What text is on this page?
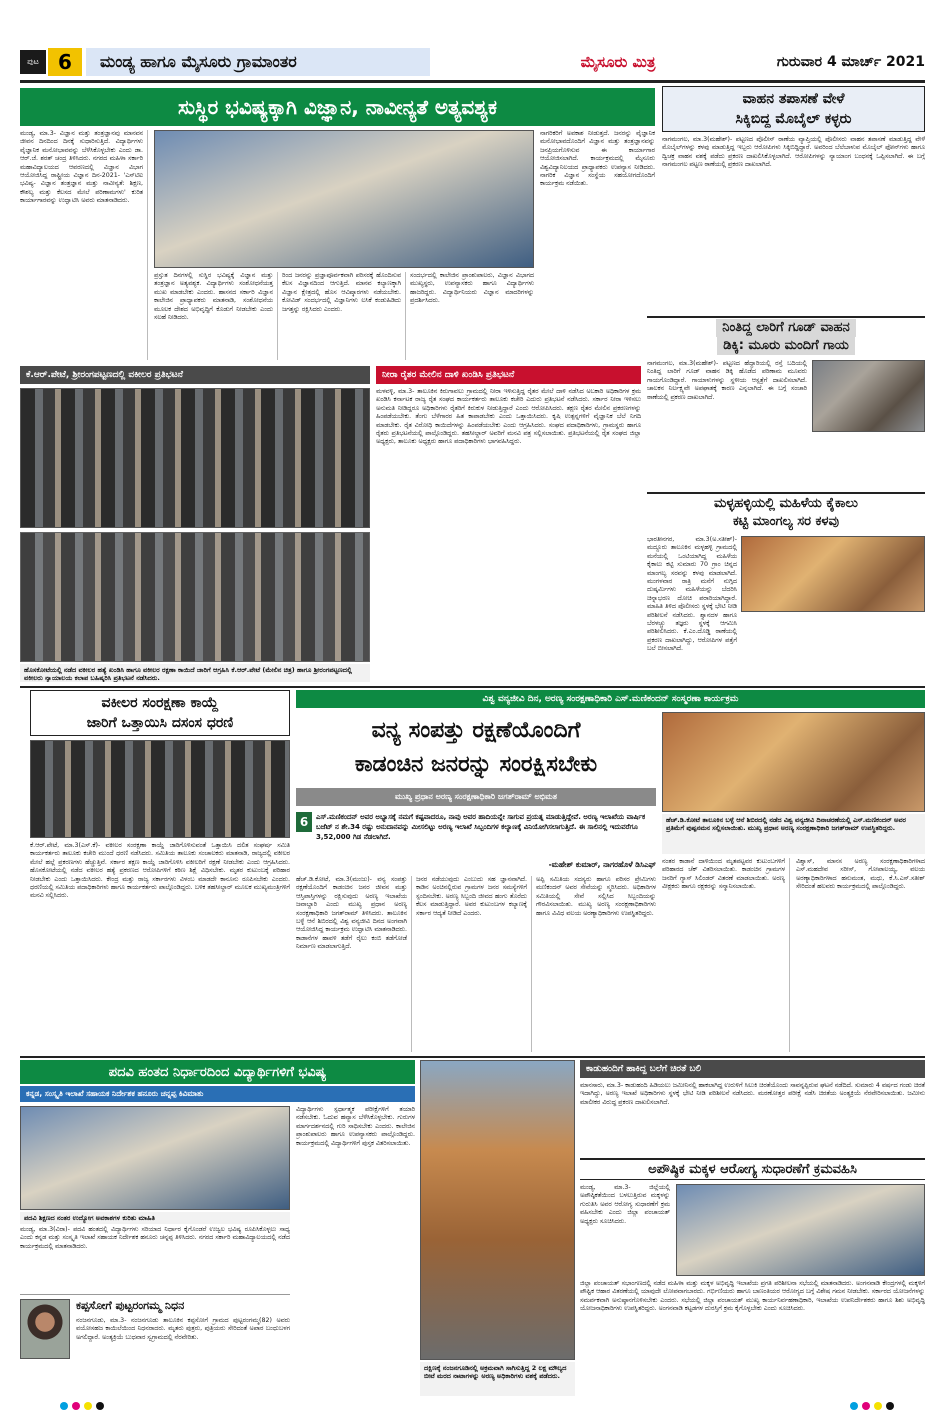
ಪುಟ 6	ಮಂಡ್ಯ ಹಾಗೂ ಮೈಸೂರು ಗ್ರಾಮಾಂತರ	ಮೈಸೂರು ಮಿತ್ರ	ಗುರುವಾರ 4 ಮಾರ್ಚ್ 2021
ಸುಸ್ಥಿರ ಭವಿಷ್ಯಕ್ಕಾಗಿ ವಿಜ್ಞಾನ, ನಾವೀನ್ಯತೆ ಅತ್ಯವಶ್ಯಕ
ಮಂಡ್ಯ, ಮಾ.3- ವಿಜ್ಞಾನ ಮತ್ತು ತಂತ್ರಜ್ಞಾನವು ಮಾನವನ ಜೀವನ ದಿನದಿಂದ ದಿನಕ್ಕೆ ಸುಧಾರಿಸುತ್ತಿದೆ. ವಿದ್ಯಾರ್ಥಿಗಳು ವೈಜ್ಞಾನಿಕ ಮನೋಭಾವವನ್ನು ಬೆಳೆಸಿಕೊಳ್ಳಬೇಕು ಎಂದು ಡಾ. ಆರ್.ಜೆ. ಶರತ್ ಚಂದ್ರ ತಿಳಿಸಿದರು. ನಗರದ ಮಹಿಳಾ ಸರ್ಕಾರಿ ಮಹಾವಿದ್ಯಾಲಯದ ಆವರಣದಲ್ಲಿ ವಿಜ್ಞಾನ ವಿಭಾಗ ಆಯೋಜಿಸಿದ್ದ ರಾಷ್ಟ್ರೀಯ ವಿಜ್ಞಾನ ದಿನ-2021- 'ಎಸ್‌ಟಿಐ ಭವಿಷ್ಯ- ವಿಜ್ಞಾನ ತಂತ್ರಜ್ಞಾನ ಮತ್ತು ನಾವೀನ್ಯತೆ: ಶಿಕ್ಷಣ, ಕೌಶಲ್ಯ ಮತ್ತು ಕೆಲಸದ ಮೇಲೆ ಪರಿಣಾಮಗಳು' ಕುರಿತ ಕಾರ್ಯಾಗಾರವನ್ನು ಉದ್ಘಾಟಿಸಿ ಅವರು ಮಾತನಾಡಿದರು.
ಪ್ರಸ್ತುತ ದಿನಗಳಲ್ಲಿ ಸುಸ್ಥಿರ ಭವಿಷ್ಯಕ್ಕೆ ವಿಜ್ಞಾನ ಮತ್ತು ತಂತ್ರಜ್ಞಾನ ಅತ್ಯವಶ್ಯಕ. ವಿದ್ಯಾರ್ಥಿಗಳು ಸಂಶೋಧನೆಯತ್ತ ಮುಖ ಮಾಡಬೇಕು ಎಂದರು. ಹಾಸನದ ಸರ್ಕಾರಿ ವಿಜ್ಞಾನ ಕಾಲೇಜಿನ ಪ್ರಾಧ್ಯಾಪಕರು ಮಾತನಾಡಿ, ಸಂಶೋಧನೆಯ ಮೂಲಕ ದೇಶದ ಅಭಿವೃದ್ಧಿಗೆ ಕೊಡುಗೆ ನೀಡಬೇಕು ಎಂದು ಸಲಹೆ ನೀಡಿದರು.
ರಿಂದ ಜನರನ್ನು ಪ್ರಜ್ಞಾಪೂರ್ವಕವಾಗಿ ಪರಿಸರಕ್ಕೆ ಹೊಂದಿಸುವ ಕೆಲಸ ವಿಜ್ಞಾನದಿಂದ ಆಗುತ್ತಿದೆ. ಮಾನವ ಕಲ್ಯಾಣಕ್ಕಾಗಿ ವಿಜ್ಞಾನ ಕ್ಷೇತ್ರದಲ್ಲಿ ಹೊಸ ಆವಿಷ್ಕಾರಗಳು ನಡೆಯಬೇಕು. ಕೋವಿಡ್ ಸಂದರ್ಭದಲ್ಲಿ ವಿಜ್ಞಾನಿಗಳು ಲಸಿಕೆ ಕಂಡುಹಿಡಿದು ಜಗತ್ತನ್ನು ರಕ್ಷಿಸಿದರು ಎಂದರು.
ಸಂದರ್ಭದಲ್ಲಿ ಕಾಲೇಜಿನ ಪ್ರಾಂಶುಪಾಲರು, ವಿಜ್ಞಾನ ವಿಭಾಗದ ಮುಖ್ಯಸ್ಥರು, ಉಪನ್ಯಾಸಕರು ಹಾಗೂ ವಿದ್ಯಾರ್ಥಿಗಳು ಹಾಜರಿದ್ದರು. ವಿದ್ಯಾರ್ಥಿನಿಯರು ವಿಜ್ಞಾನ ಮಾದರಿಗಳನ್ನು ಪ್ರದರ್ಶಿಸಿದರು.
ನಾಗರಿಕರಿಗೆ ಅವಕಾಶ ನೀಡುತ್ತದೆ. ಜನರನ್ನು ವೈಜ್ಞಾನಿಕ ಮನೋಭಾವದೊಂದಿಗೆ ವಿಜ್ಞಾನ ಮತ್ತು ತಂತ್ರಜ್ಞಾನವನ್ನು ಜನಪ್ರಿಯಗೊಳಿಸುವ ಈ ಕಾರ್ಯಾಗಾರ ಆಯೋಜಿಸಲಾಗಿದೆ. ಕಾರ್ಯಕ್ರಮದಲ್ಲಿ ಮೈಸೂರು ವಿಶ್ವವಿದ್ಯಾನಿಲಯದ ಪ್ರಾಧ್ಯಾಪಕರು ಉಪನ್ಯಾಸ ನೀಡಿದರು. ನಾಗರಿಕ ವಿಜ್ಞಾನ ಸಂಸ್ಥೆಯ ಸಹಯೋಗದೊಂದಿಗೆ ಕಾರ್ಯಕ್ರಮ ನಡೆಯಿತು.
ವಾಹನ ತಪಾಸಣೆ ವೇಳೆ
ಸಿಕ್ಕಿಬಿದ್ದ ಮೊಬೈಲ್ ಕಳ್ಳರು
ನಾಗಮಂಗಲ, ಮಾ.3(ಮಹೇಶ್)- ಪಟ್ಟಣದ ಪೊಲೀಸ್ ಠಾಣೆಯ ವ್ಯಾಪ್ತಿಯಲ್ಲಿ ಪೊಲೀಸರು ವಾಹನ ತಪಾಸಣೆ ಮಾಡುತ್ತಿದ್ದ ವೇಳೆ ಮೊಬೈಲ್‌ಗಳನ್ನು ಕಳವು ಮಾಡುತ್ತಿದ್ದ ಇಬ್ಬರು ಆರೋಪಿಗಳು ಸಿಕ್ಕಿಬಿದ್ದಿದ್ದಾರೆ. ಅವರಿಂದ ಬೆಲೆಬಾಳುವ ಮೊಬೈಲ್ ಫೋನ್‌ಗಳು ಹಾಗೂ ದ್ವಿಚಕ್ರ ವಾಹನ ವಶಕ್ಕೆ ಪಡೆದು ಪ್ರಕರಣ ದಾಖಲಿಸಿಕೊಳ್ಳಲಾಗಿದೆ. ಆರೋಪಿಗಳನ್ನು ನ್ಯಾಯಾಂಗ ಬಂಧನಕ್ಕೆ ಒಪ್ಪಿಸಲಾಗಿದೆ. ಈ ಬಗ್ಗೆ ನಾಗಮಂಗಲ ಪಟ್ಟಣ ಠಾಣೆಯಲ್ಲಿ ಪ್ರಕರಣ ದಾಖಲಾಗಿದೆ.
ನಿಂತಿದ್ದ ಲಾರಿಗೆ ಗೂಡ್ ವಾಹನ
ಡಿಕ್ಕಿ: ಮೂರು ಮಂದಿಗೆ ಗಾಯ
ನಾಗಮಂಗಲ, ಮಾ.3(ಮಹೇಶ್)- ಪಟ್ಟಣದ ಹೆದ್ದಾರಿಯಲ್ಲಿ ರಸ್ತೆ ಬದಿಯಲ್ಲಿ ನಿಂತಿದ್ದ ಲಾರಿಗೆ ಗೂಡ್ ವಾಹನ ಡಿಕ್ಕಿ ಹೊಡೆದ ಪರಿಣಾಮ ಮೂವರು ಗಾಯಗೊಂಡಿದ್ದಾರೆ. ಗಾಯಾಳುಗಳನ್ನು ಸ್ಥಳೀಯ ಆಸ್ಪತ್ರೆಗೆ ದಾಖಲಿಸಲಾಗಿದೆ. ಚಾಲಕನ ನಿರ್ಲಕ್ಷ್ಯವೇ ಅಪಘಾತಕ್ಕೆ ಕಾರಣ ಎನ್ನಲಾಗಿದೆ. ಈ ಬಗ್ಗೆ ಸಂಚಾರಿ ಠಾಣೆಯಲ್ಲಿ ಪ್ರಕರಣ ದಾಖಲಾಗಿದೆ.
ಕೆ.ಆರ್.ಪೇಟೆ, ಶ್ರೀರಂಗಪಟ್ಟಣದಲ್ಲಿ ವಕೀಲರ ಪ್ರತಿಭಟನೆ
ಹೊಸಕೋಟೆಯಲ್ಲಿ ನಡೆದ ವಕೀಲರ ಹತ್ಯೆ ಖಂಡಿಸಿ ಹಾಗೂ ವಕೀಲರ ರಕ್ಷಣಾ ಕಾಯಿದೆ ಜಾರಿಗೆ ಆಗ್ರಹಿಸಿ ಕೆ.ಆರ್.ಪೇಟೆ (ಮೇಲಿನ ಚಿತ್ರ) ಹಾಗೂ ಶ್ರೀರಂಗಪಟ್ಟಣದಲ್ಲಿ ವಕೀಲರು ನ್ಯಾಯಾಲಯ ಕಲಾಪ ಬಹಿಷ್ಕರಿಸಿ ಪ್ರತಿಭಟನೆ ನಡೆಸಿದರು.
ನೀರಾ ರೈತರ ಮೇಲಿನ ದಾಳಿ ಖಂಡಿಸಿ ಪ್ರತಿಭಟನೆ
ಮಳವಳ್ಳಿ, ಮಾ.3- ತಾಲೂಕಿನ ಕಿರುಗಾವಲು ಗ್ರಾಮದಲ್ಲಿ ನೀರಾ ಇಳಿಸುತ್ತಿದ್ದ ರೈತರ ಮೇಲೆ ದಾಳಿ ನಡೆಸಿದ ಅಬಕಾರಿ ಅಧಿಕಾರಿಗಳ ಕ್ರಮ ಖಂಡಿಸಿ ಕರ್ನಾಟಕ ರಾಜ್ಯ ರೈತ ಸಂಘದ ಕಾರ್ಯಕರ್ತರು ತಾಲೂಕು ಕಚೇರಿ ಎದುರು ಪ್ರತಿಭಟನೆ ನಡೆಸಿದರು. ಸರ್ಕಾರ ನೀರಾ ಇಳಿಸಲು ಅನುಮತಿ ನೀಡಿದ್ದರೂ ಅಧಿಕಾರಿಗಳು ರೈತರಿಗೆ ಕಿರುಕುಳ ನೀಡುತ್ತಿದ್ದಾರೆ ಎಂದು ಆರೋಪಿಸಿದರು. ತಕ್ಷಣ ರೈತರ ಮೇಲಿನ ಪ್ರಕರಣಗಳನ್ನು ಹಿಂಪಡೆಯಬೇಕು. ತೆಂಗು ಬೆಳೆಗಾರರ ಹಿತ ಕಾಪಾಡಬೇಕು ಎಂದು ಒತ್ತಾಯಿಸಿದರು. ಕೃಷಿ ಉತ್ಪನ್ನಗಳಿಗೆ ವೈಜ್ಞಾನಿಕ ಬೆಲೆ ನಿಗದಿ ಮಾಡಬೇಕು. ರೈತ ವಿರೋಧಿ ಕಾಯಿದೆಗಳನ್ನು ಹಿಂಪಡೆಯಬೇಕು ಎಂದು ಆಗ್ರಹಿಸಿದರು. ಸಂಘದ ಪದಾಧಿಕಾರಿಗಳು, ಗ್ರಾಮಸ್ಥರು ಹಾಗೂ ರೈತರು ಪ್ರತಿಭಟನೆಯಲ್ಲಿ ಪಾಲ್ಗೊಂಡಿದ್ದರು. ತಹಸೀಲ್ದಾರ್ ಅವರಿಗೆ ಮನವಿ ಪತ್ರ ಸಲ್ಲಿಸಲಾಯಿತು. ಪ್ರತಿಭಟನೆಯಲ್ಲಿ ರೈತ ಸಂಘದ ಜಿಲ್ಲಾ ಅಧ್ಯಕ್ಷರು, ತಾಲೂಕು ಅಧ್ಯಕ್ಷರು ಹಾಗೂ ಪದಾಧಿಕಾರಿಗಳು ಭಾಗವಹಿಸಿದ್ದರು.
ಮಳ್ಳಹಳ್ಳಿಯಲ್ಲಿ ಮಹಿಳೆಯ ಕೈಕಾಲು
ಕಟ್ಟಿ ಮಾಂಗಲ್ಯ ಸರ ಕಳವು
ಭಾರತೀನಗರ, ಮಾ.3(ಅ.ಸತೀಶ್)- ಮದ್ದೂರು ತಾಲೂಕಿನ ಮಳ್ಳಹಳ್ಳಿ ಗ್ರಾಮದಲ್ಲಿ ಮನೆಯಲ್ಲಿ ಒಂಟಿಯಾಗಿದ್ದ ಮಹಿಳೆಯ ಕೈಕಾಲು ಕಟ್ಟಿ ಸುಮಾರು 70 ಗ್ರಾಂ ಚಿನ್ನದ ಮಾಂಗಲ್ಯ ಸರವನ್ನು ಕಳವು ಮಾಡಲಾಗಿದೆ. ಮಂಗಳವಾರ ರಾತ್ರಿ ಮನೆಗೆ ನುಗ್ಗಿದ ದುಷ್ಕರ್ಮಿಗಳು ಮಹಿಳೆಯನ್ನು ಬೆದರಿಸಿ ಚಿನ್ನಾಭರಣ ದೋಚಿ ಪರಾರಿಯಾಗಿದ್ದಾರೆ. ಮಾಹಿತಿ ತಿಳಿದ ಪೊಲೀಸರು ಸ್ಥಳಕ್ಕೆ ಭೇಟಿ ನೀಡಿ ಪರಿಶೀಲನೆ ನಡೆಸಿದರು. ಶ್ವಾನದಳ ಹಾಗೂ ಬೆರಳಚ್ಚು ತಜ್ಞರು ಸ್ಥಳಕ್ಕೆ ಆಗಮಿಸಿ ಪರಿಶೀಲಿಸಿದರು. ಕೆ.ಎಂ.ದೊಡ್ಡಿ ಠಾಣೆಯಲ್ಲಿ ಪ್ರಕರಣ ದಾಖಲಾಗಿದ್ದು, ಆರೋಪಿಗಳ ಪತ್ತೆಗೆ ಬಲೆ ಬೀಸಲಾಗಿದೆ.
ವಕೀಲರ ಸಂರಕ್ಷಣಾ ಕಾಯ್ದೆ
ಜಾರಿಗೆ ಒತ್ತಾಯಿಸಿ ದಸಂಸ ಧರಣಿ
ಕೆ.ಆರ್.ಪೇಟೆ, ಮಾ.3(ಎಸ್.ಕೆ)- ವಕೀಲರ ಸಂರಕ್ಷಣಾ ಕಾಯ್ದೆ ಜಾರಿಗೊಳಿಸುವಂತೆ ಒತ್ತಾಯಿಸಿ ದಲಿತ ಸಂಘರ್ಷ ಸಮಿತಿ ಕಾರ್ಯಕರ್ತರು ತಾಲೂಕು ಕಚೇರಿ ಮುಂದೆ ಧರಣಿ ನಡೆಸಿದರು. ಸಮಿತಿಯ ತಾಲೂಕು ಸಂಚಾಲಕರು ಮಾತನಾಡಿ, ರಾಜ್ಯದಲ್ಲಿ ವಕೀಲರ ಮೇಲೆ ಹಲ್ಲೆ ಪ್ರಕರಣಗಳು ಹೆಚ್ಚುತ್ತಿವೆ. ಸರ್ಕಾರ ತಕ್ಷಣ ಕಾಯ್ದೆ ಜಾರಿಗೊಳಿಸಿ ವಕೀಲರಿಗೆ ರಕ್ಷಣೆ ನೀಡಬೇಕು ಎಂದು ಆಗ್ರಹಿಸಿದರು. ಹೊಸಕೋಟೆಯಲ್ಲಿ ನಡೆದ ವಕೀಲರ ಹತ್ಯೆ ಪ್ರಕರಣದ ಆರೋಪಿಗಳಿಗೆ ಕಠಿಣ ಶಿಕ್ಷೆ ವಿಧಿಸಬೇಕು. ಮೃತರ ಕುಟುಂಬಕ್ಕೆ ಪರಿಹಾರ ನೀಡಬೇಕು ಎಂದು ಒತ್ತಾಯಿಸಿದರು. ಕೇಂದ್ರ ಮತ್ತು ರಾಜ್ಯ ಸರ್ಕಾರಗಳು ವಿಳಂಬ ಮಾಡದೇ ಕಾನೂನು ರೂಪಿಸಬೇಕು ಎಂದರು. ಧರಣಿಯಲ್ಲಿ ಸಮಿತಿಯ ಪದಾಧಿಕಾರಿಗಳು ಹಾಗೂ ಕಾರ್ಯಕರ್ತರು ಪಾಲ್ಗೊಂಡಿದ್ದರು. ಬಳಿಕ ತಹಸೀಲ್ದಾರ್ ಮೂಲಕ ಮುಖ್ಯಮಂತ್ರಿಗಳಿಗೆ ಮನವಿ ಸಲ್ಲಿಸಿದರು.
ವಿಶ್ವ ವನ್ಯಜೀವಿ ದಿನ, ಅರಣ್ಯ ಸಂರಕ್ಷಣಾಧಿಕಾರಿ ಎಸ್.ಮಣಿಕಂದನ್ ಸಂಸ್ಮರಣಾ ಕಾರ್ಯಕ್ರಮ
ವನ್ಯ ಸಂಪತ್ತು ರಕ್ಷಣೆಯೊಂದಿಗೆ
ಕಾಡಂಚಿನ ಜನರನ್ನು ಸಂರಕ್ಷಿಸಬೇಕು
ಮುಖ್ಯ ಪ್ರಧಾನ ಅರಣ್ಯ ಸಂರಕ್ಷಣಾಧಿಕಾರಿ ಜಗತ್‌ರಾಮ್ ಅಭಿಮತ
6	ಎಸ್.ಮಣಿಕಂದನ್ ಅವರ ಅಭ್ಯಾಸಕ್ಕೆ ನಮಗೆ ಕಷ್ಟವಾದರೂ, ನಾವು ಅವರ ಹಾದಿಯನ್ನೇ ಸಾಗುವ ಪ್ರಯತ್ನ ಮಾಡುತ್ತಿದ್ದೇವೆ. ಅರಣ್ಯ ಇಲಾಖೆಯ ವಾರ್ಷಿಕ ಬಜೆಟ್ ನ ಶೇ.34 ರಷ್ಟು ಅನುದಾನವನ್ನು ಮೀಸಲಿಟ್ಟು ಅರಣ್ಯ ಇಲಾಖೆ ಸಿಬ್ಬಂದಿಗಳ ಕಲ್ಯಾಣಕ್ಕೆ ವಿನಿಯೋಗಿಸಲಾಗುತ್ತಿದೆ. ಈ ಸಾಲಿನಲ್ಲಿ ಇದುವರೆಗೂ 3,52,000 ಗಿಡ ನೆಡಲಾಗಿದೆ.
-ಮಹೇಶ್ ಕುಮಾರ್, ನಾಗರಹೊಳೆ ಡಿಸಿಎಫ್
ಹೆಚ್.ಡಿ.ಕೋಟೆ, ಮಾ.3(ಮಂಜು)- ವನ್ಯ ಸಂಪತ್ತು ರಕ್ಷಣೆಯೊಂದಿಗೆ ಕಾಡಂಚಿನ ಜನರ ಜೀವನ ಮತ್ತು ಆಸ್ತಿಪಾಸ್ತಿಗಳನ್ನು ರಕ್ಷಿಸುವುದು ಅರಣ್ಯ ಇಲಾಖೆಯ ಜವಾಬ್ದಾರಿ ಎಂದು ಮುಖ್ಯ ಪ್ರಧಾನ ಅರಣ್ಯ ಸಂರಕ್ಷಣಾಧಿಕಾರಿ ಜಗತ್‌ರಾಮ್ ತಿಳಿಸಿದರು. ತಾಲೂಕಿನ ಬಳ್ಳೆ ಆನೆ ಶಿಬಿರದಲ್ಲಿ ವಿಶ್ವ ವನ್ಯಜೀವಿ ದಿನದ ಅಂಗವಾಗಿ ಆಯೋಜಿಸಿದ್ದ ಕಾರ್ಯಕ್ರಮ ಉದ್ಘಾಟಿಸಿ ಮಾತನಾಡಿದರು. ಕಾಡಾನೆಗಳ ಹಾವಳಿ ತಡೆಗೆ ರೈಲು ಕಂಬಿ ತಡೆಗೋಡೆ ನಿರ್ಮಾಣ ಮಾಡಲಾಗುತ್ತಿದೆ.
ಜನರ ನಡೆಯುವುದು ಎಂಬುದು ಸಹ ಜ್ಞಾನವಾಗಿದೆ. ಕಾಡಿನ ಅಂಚಿನಲ್ಲಿರುವ ಗ್ರಾಮಗಳ ಜನರ ಸಮಸ್ಯೆಗಳಿಗೆ ಸ್ಪಂದಿಸಬೇಕು. ಅರಣ್ಯ ಸಿಬ್ಬಂದಿ ಜೀವದ ಹಂಗು ತೊರೆದು ಕೆಲಸ ಮಾಡುತ್ತಿದ್ದಾರೆ. ಅವರ ಕುಟುಂಬಗಳ ಕಲ್ಯಾಣಕ್ಕೆ ಸರ್ಕಾರ ಆದ್ಯತೆ ನೀಡಿದೆ ಎಂದರು.
ಅಪ್ಪಿ ಸಮಿತಿಯ ಸದಸ್ಯರು ಹಾಗೂ ಪರಿಸರ ಪ್ರೇಮಿಗಳು ಮಣಿಕಂದನ್ ಅವರ ಸೇವೆಯನ್ನು ಸ್ಮರಿಸಿದರು. ಅಧಿಕಾರಿಗಳ ಸಮಿತಿಯಲ್ಲಿ ಸೇವೆ ಸಲ್ಲಿಸಿದ ಸಿಬ್ಬಂದಿಯನ್ನು ಗೌರವಿಸಲಾಯಿತು. ಮುಖ್ಯ ಅರಣ್ಯ ಸಂರಕ್ಷಣಾಧಿಕಾರಿಗಳು ಹಾಗೂ ವಿವಿಧ ವಲಯ ಅರಣ್ಯಾಧಿಕಾರಿಗಳು ಉಪಸ್ಥಿತರಿದ್ದರು.
ಹೆಚ್.ಡಿ.ಕೋಟೆ ತಾಲೂಕಿನ ಬಳ್ಳೆ ಆನೆ ಶಿಬಿರದಲ್ಲಿ ನಡೆದ ವಿಶ್ವ ವನ್ಯಜೀವಿ ದಿನಾಚರಣೆಯಲ್ಲಿ ಎಸ್.ಮಣಿಕಂದನ್ ಅವರ ಪ್ರತಿಮೆಗೆ ಪುಷ್ಪನಮನ ಸಲ್ಲಿಸಲಾಯಿತು. ಮುಖ್ಯ ಪ್ರಧಾನ ಅರಣ್ಯ ಸಂರಕ್ಷಣಾಧಿಕಾರಿ ಜಗತ್‌ರಾಮ್ ಉಪಸ್ಥಿತರಿದ್ದರು.
ನಂತರ ಕಾಡಾನೆ ದಾಳಿಯಿಂದ ಮೃತಪಟ್ಟವರ ಕುಟುಂಬಗಳಿಗೆ ಪರಿಹಾರದ ಚೆಕ್ ವಿತರಿಸಲಾಯಿತು. ಕಾಡಂಚಿನ ಗ್ರಾಮಗಳ ಜನರಿಗೆ ಗ್ಯಾಸ್ ಸಿಲಿಂಡರ್ ವಿತರಣೆ ಮಾಡಲಾಯಿತು. ಅರಣ್ಯ ವೀಕ್ಷಕರು ಹಾಗೂ ರಕ್ಷಕರನ್ನು ಸನ್ಮಾನಿಸಲಾಯಿತು.
ವಿಶ್ವಾಸ್, ಮಾನಸ ಅರಣ್ಯ ಸಂರಕ್ಷಣಾಧಿಕಾರಿಗಳಾದ ಎಸ್.ಮಹದೇವ ಸರೀಸ್, ಗೋಪಾಲಯ್ಯ, ವಲಯ ಅರಣ್ಯಾಧಿಕಾರಿಗಳಾದ ಹನುಮಂತ, ಮಧು, ಕೆ.ಸಿ.ಎಸ್.ಸತೀಶ್ ಸೇರಿದಂತೆ ಹಲವರು ಕಾರ್ಯಕ್ರಮದಲ್ಲಿ ಪಾಲ್ಗೊಂಡಿದ್ದರು.
ಪದವಿ ಹಂತದ ನಿರ್ಧಾರದಿಂದ ವಿದ್ಯಾರ್ಥಿಗಳಿಗೆ ಭವಿಷ್ಯ
ಕನ್ನಡ, ಸಂಸ್ಕೃತಿ ಇಲಾಖೆ ಸಹಾಯಕ ನಿರ್ದೇಶಕ ಹನೂರು ಚನ್ನಪ್ಪ ಕಿವಿಮಾತು
ಪದವಿ ಶಿಕ್ಷಣದ ನಂತರ ಉದ್ಯೋಗ ಅವಕಾಶಗಳ ಕುರಿತು ಮಾಹಿತಿ
ಮಂಡ್ಯ, ಮಾ.3(ವಿರಾ)- ಪದವಿ ಹಂತದಲ್ಲಿ ವಿದ್ಯಾರ್ಥಿಗಳು ಸರಿಯಾದ ನಿರ್ಧಾರ ಕೈಗೊಂಡರೆ ಉಜ್ವಲ ಭವಿಷ್ಯ ರೂಪಿಸಿಕೊಳ್ಳಲು ಸಾಧ್ಯ ಎಂದು ಕನ್ನಡ ಮತ್ತು ಸಂಸ್ಕೃತಿ ಇಲಾಖೆ ಸಹಾಯಕ ನಿರ್ದೇಶಕ ಹನೂರು ಚನ್ನಪ್ಪ ತಿಳಿಸಿದರು. ನಗರದ ಸರ್ಕಾರಿ ಮಹಾವಿದ್ಯಾಲಯದಲ್ಲಿ ನಡೆದ ಕಾರ್ಯಕ್ರಮದಲ್ಲಿ ಮಾತನಾಡಿದರು.
ವಿದ್ಯಾರ್ಥಿಗಳು ಸ್ಪರ್ಧಾತ್ಮಕ ಪರೀಕ್ಷೆಗಳಿಗೆ ತಯಾರಿ ನಡೆಸಬೇಕು. ಓದುವ ಹವ್ಯಾಸ ಬೆಳೆಸಿಕೊಳ್ಳಬೇಕು. ಗುರುಗಳ ಮಾರ್ಗದರ್ಶನದಲ್ಲಿ ಗುರಿ ಸಾಧಿಸಬೇಕು ಎಂದರು. ಕಾಲೇಜಿನ ಪ್ರಾಂಶುಪಾಲರು ಹಾಗೂ ಉಪನ್ಯಾಸಕರು ಪಾಲ್ಗೊಂಡಿದ್ದರು. ಕಾರ್ಯಕ್ರಮದಲ್ಲಿ ವಿದ್ಯಾರ್ಥಿಗಳಿಗೆ ಪುಸ್ತಕ ವಿತರಿಸಲಾಯಿತು.
ಕಪ್ಪಸೋಗೆ ಪುಟ್ಟರಂಗಮ್ಮ ನಿಧನ
ನಂಜನಗೂಡು, ಮಾ.3- ನಂಜನಗೂಡು ತಾಲೂಕಿನ ಕಪ್ಪಸೋಗೆ ಗ್ರಾಮದ ಪುಟ್ಟರಂಗಮ್ಮ(82) ಅವರು ವಯೋಸಹಜ ಕಾಯಿಲೆಯಿಂದ ನಿಧನರಾದರು. ಮೃತರು ಪುತ್ರರು, ಪುತ್ರಿಯರು ಸೇರಿದಂತೆ ಅಪಾರ ಬಂಧುಬಳಗ ಅಗಲಿದ್ದಾರೆ. ಅಂತ್ಯಕ್ರಿಯೆ ಬುಧವಾರ ಸ್ವಗ್ರಾಮದಲ್ಲಿ ನೆರವೇರಿತು.
ದಕ್ಷಿಣಕ್ಕೆ ನಂಜನಗೂಡಿನಲ್ಲಿ ಅಕ್ರಮವಾಗಿ ಸಾಗಿಸುತ್ತಿದ್ದ 2 ಲಕ್ಷ ಮೌಲ್ಯದ ಬೀಟೆ ಮರದ ನಾಟಾಗಳನ್ನು ಅರಣ್ಯ ಅಧಿಕಾರಿಗಳು ವಶಕ್ಕೆ ಪಡೆದರು.
ಕಾಡುಹಂದಿಗೆ ಹಾಕಿದ್ದ ಬಲೆಗೆ ಚಿರತೆ ಬಲಿ
ಮಾನಸಾರು, ಮಾ.3- ಕಾಡುಹಂದಿ ಹಿಡಿಯಲು ಜಮೀನಿನಲ್ಲಿ ಹಾಕಲಾಗಿದ್ದ ಉರುಳಿಗೆ ಸಿಲುಕಿ ಚಿರತೆಯೊಂದು ಸಾವನ್ನಪ್ಪಿರುವ ಘಟನೆ ನಡೆದಿದೆ. ಸುಮಾರು 4 ವರ್ಷದ ಗಂಡು ಚಿರತೆ ಇದಾಗಿದ್ದು, ಅರಣ್ಯ ಇಲಾಖೆ ಅಧಿಕಾರಿಗಳು ಸ್ಥಳಕ್ಕೆ ಭೇಟಿ ನೀಡಿ ಪರಿಶೀಲನೆ ನಡೆಸಿದರು. ಮರಣೋತ್ತರ ಪರೀಕ್ಷೆ ನಡೆಸಿ ಚಿರತೆಯ ಅಂತ್ಯಕ್ರಿಯೆ ನೆರವೇರಿಸಲಾಯಿತು. ಜಮೀನು ಮಾಲೀಕರ ವಿರುದ್ಧ ಪ್ರಕರಣ ದಾಖಲಿಸಲಾಗಿದೆ.
ಅಪೌಷ್ಠಿಕ ಮಕ್ಕಳ ಆರೋಗ್ಯ ಸುಧಾರಣೆಗೆ ಕ್ರಮವಹಿಸಿ
ಮಂಡ್ಯ, ಮಾ.3- ಜಿಲ್ಲೆಯಲ್ಲಿ ಅಪೌಷ್ಠಿಕತೆಯಿಂದ ಬಳಲುತ್ತಿರುವ ಮಕ್ಕಳನ್ನು ಗುರುತಿಸಿ ಅವರ ಆರೋಗ್ಯ ಸುಧಾರಣೆಗೆ ಕ್ರಮ ವಹಿಸಬೇಕು ಎಂದು ಜಿಲ್ಲಾ ಪಂಚಾಯತ್ ಅಧ್ಯಕ್ಷರು ಸೂಚಿಸಿದರು.
ಜಿಲ್ಲಾ ಪಂಚಾಯತ್ ಸಭಾಂಗಣದಲ್ಲಿ ನಡೆದ ಮಹಿಳಾ ಮತ್ತು ಮಕ್ಕಳ ಅಭಿವೃದ್ಧಿ ಇಲಾಖೆಯ ಪ್ರಗತಿ ಪರಿಶೀಲನಾ ಸಭೆಯಲ್ಲಿ ಮಾತನಾಡಿದರು. ಅಂಗನವಾಡಿ ಕೇಂದ್ರಗಳಲ್ಲಿ ಮಕ್ಕಳಿಗೆ ಪೌಷ್ಟಿಕ ಆಹಾರ ವಿತರಣೆಯಲ್ಲಿ ಯಾವುದೇ ಲೋಪವಾಗಬಾರದು. ಗರ್ಭಿಣಿಯರು ಹಾಗೂ ಬಾಣಂತಿಯರ ಆರೋಗ್ಯದ ಬಗ್ಗೆ ವಿಶೇಷ ಗಮನ ನೀಡಬೇಕು. ಸರ್ಕಾರದ ಯೋಜನೆಗಳನ್ನು ಸಮರ್ಪಕವಾಗಿ ಅನುಷ್ಠಾನಗೊಳಿಸಬೇಕು ಎಂದರು. ಸಭೆಯಲ್ಲಿ ಜಿಲ್ಲಾ ಪಂಚಾಯತ್ ಮುಖ್ಯ ಕಾರ್ಯನಿರ್ವಹಣಾಧಿಕಾರಿ, ಇಲಾಖೆಯ ಉಪನಿರ್ದೇಶಕರು ಹಾಗೂ ಶಿಶು ಅಭಿವೃದ್ಧಿ ಯೋಜನಾಧಿಕಾರಿಗಳು ಉಪಸ್ಥಿತರಿದ್ದರು. ಅಂಗನವಾಡಿ ಕಟ್ಟಡಗಳ ದುರಸ್ತಿಗೆ ಕ್ರಮ ಕೈಗೊಳ್ಳಬೇಕು ಎಂದು ಸೂಚಿಸಿದರು.
